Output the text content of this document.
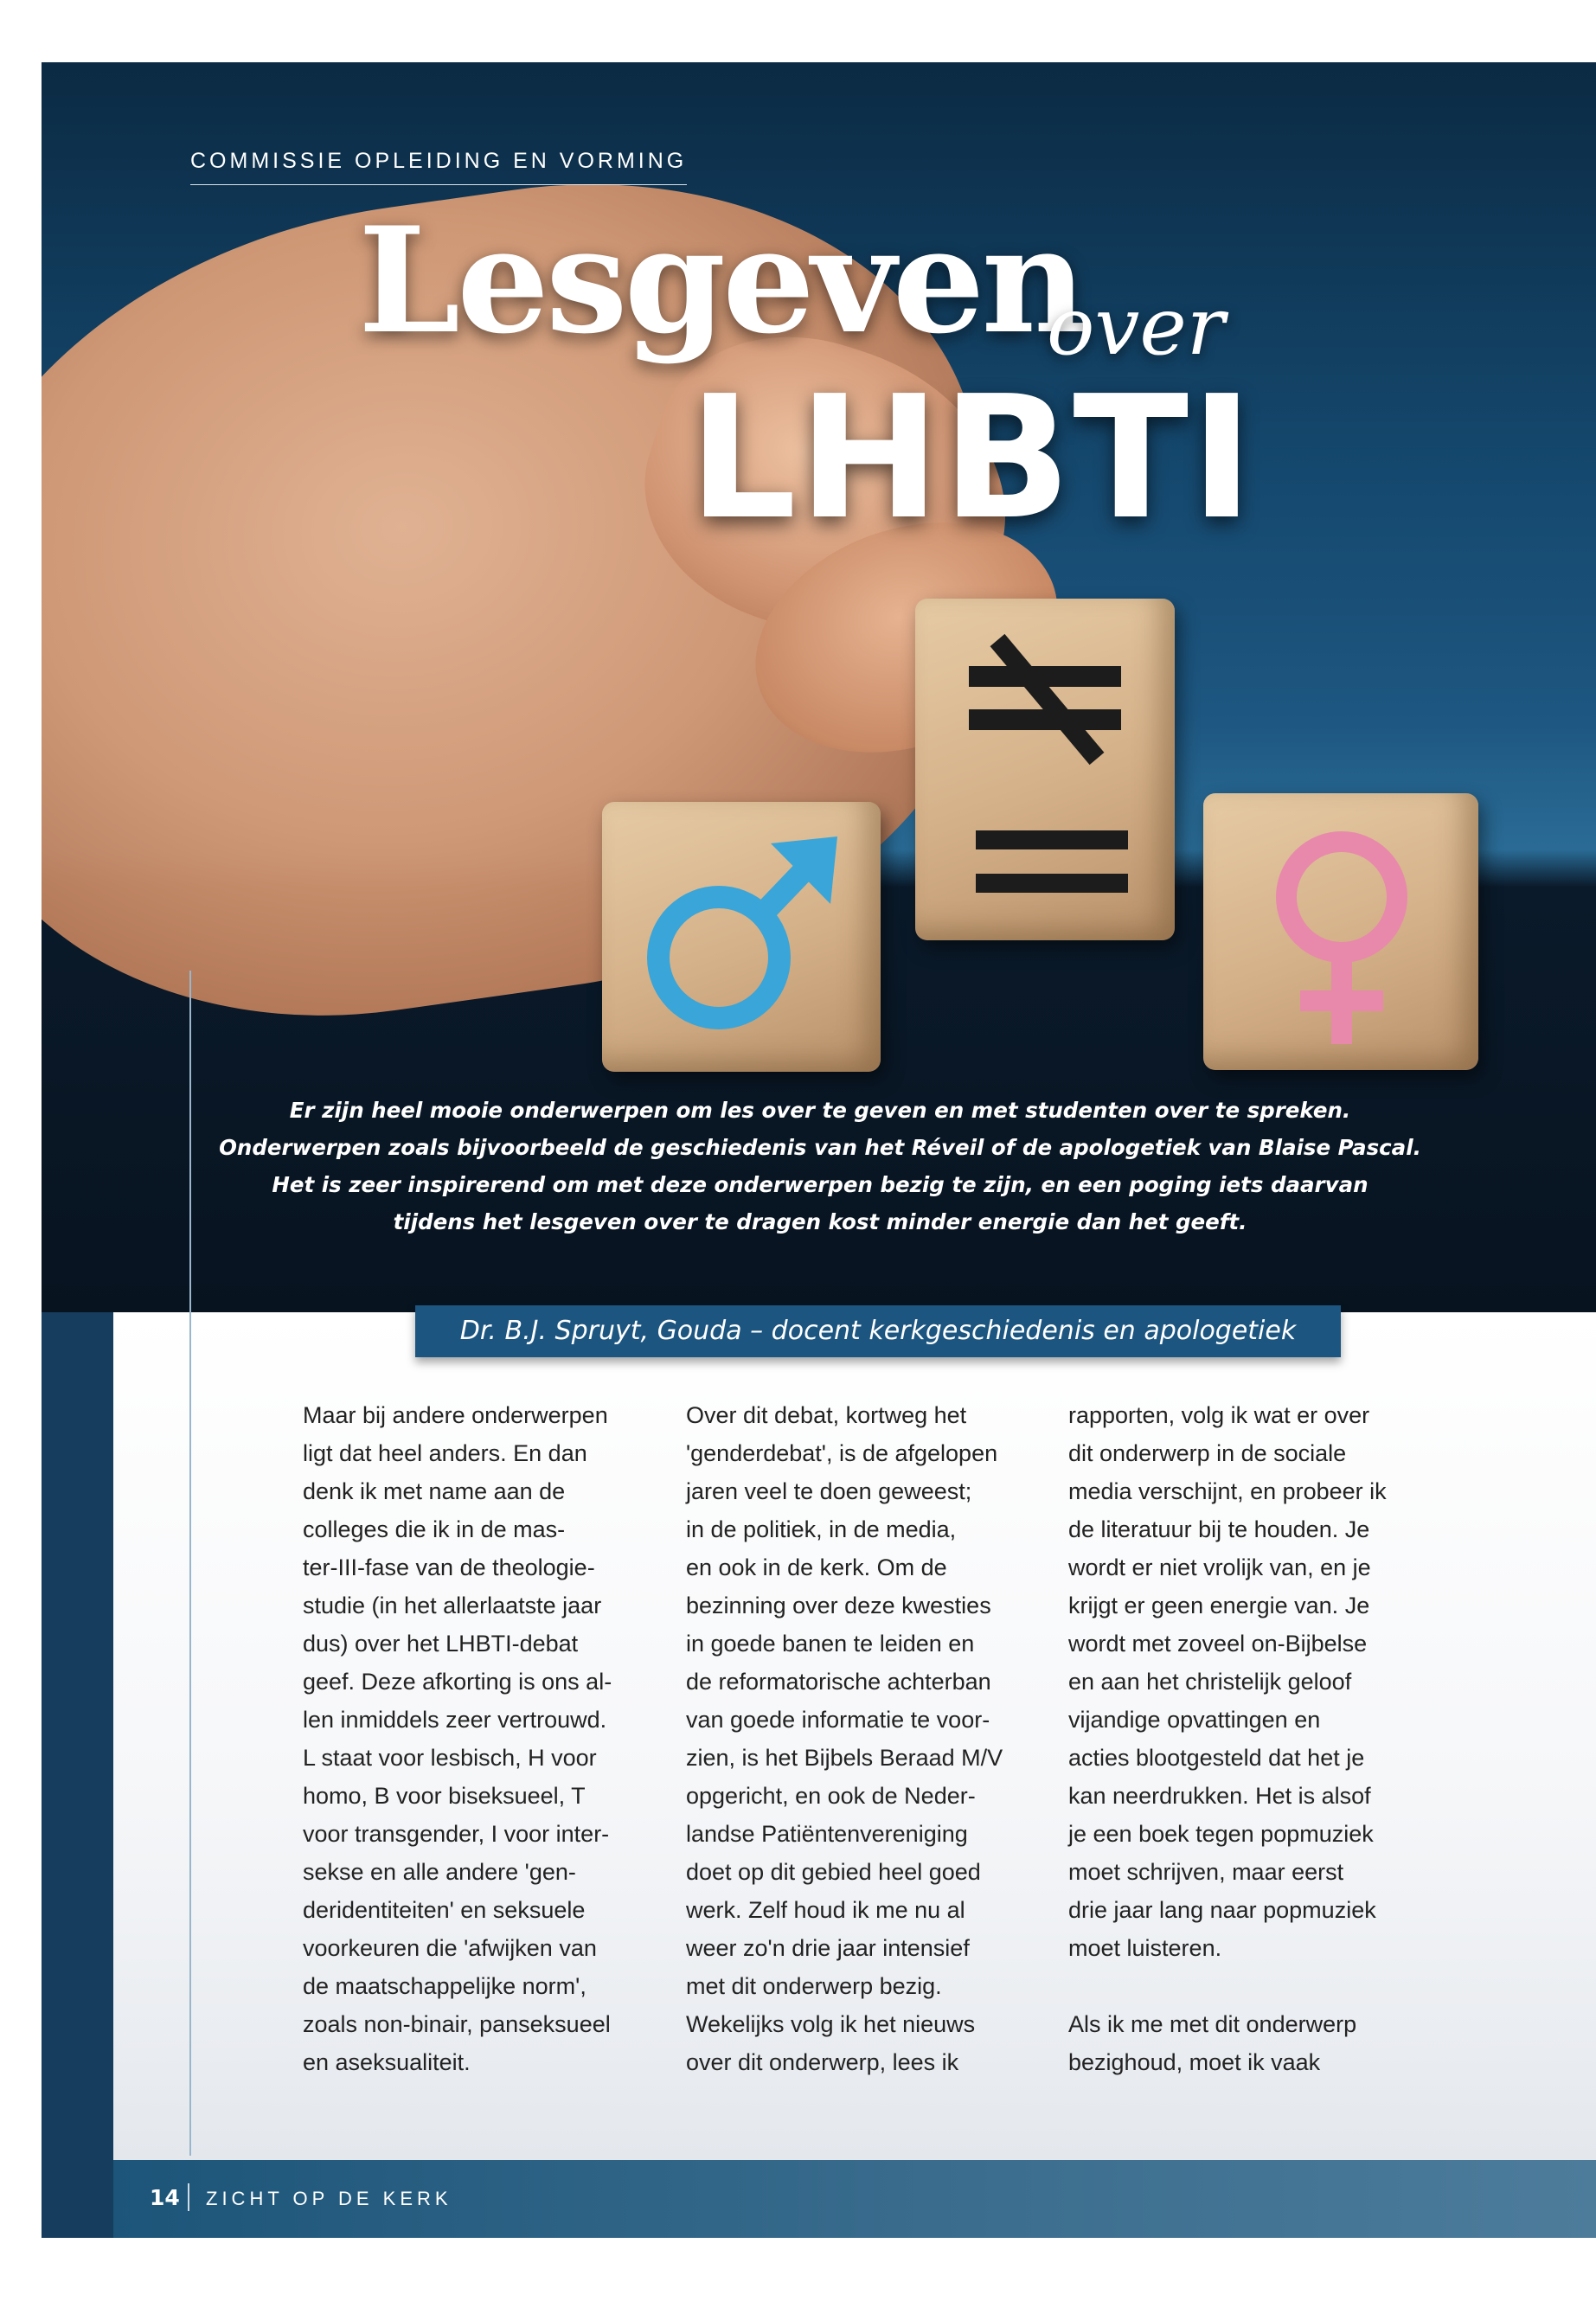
COMMISSIE OPLEIDING EN VORMING
Lesgeven
over
LHBTI

Er zijn heel mooie onderwerpen om les over te geven en met studenten over te spreken.

Onderwerpen zoals bijvoorbeeld de geschiedenis van het Réveil of de apologetiek van Blaise Pascal.

Het is zeer inspirerend om met deze onderwerpen bezig te zijn, en een poging iets daarvan

tijdens het lesgeven over te dragen kost minder energie dan het geeft.

Dr. B.J. Spruyt, Gouda – docent kerkgeschiedenis en apologetiek

Maar bij andere onderwerpen

ligt dat heel anders. En dan

denk ik met name aan de

colleges die ik in de mas-

ter-III-fase van de theologie-

studie (in het allerlaatste jaar

dus) over het LHBTI-debat

geef. Deze afkorting is ons al-

len inmiddels zeer vertrouwd.

L staat voor lesbisch, H voor

homo, B voor biseksueel, T

voor transgender, I voor inter-

sekse en alle andere 'gen-

deridentiteiten' en seksuele

voorkeuren die 'afwijken van

de maatschappelijke norm',

zoals non-binair, panseksueel

en aseksualiteit.

Over dit debat, kortweg het

'genderdebat', is de afgelopen

jaren veel te doen geweest;

in de politiek, in de media,

en ook in de kerk. Om de

bezinning over deze kwesties

in goede banen te leiden en

de reformatorische achterban

van goede informatie te voor-

zien, is het Bijbels Beraad M/V

opgericht, en ook de Neder-

landse Patiëntenvereniging

doet op dit gebied heel goed

werk. Zelf houd ik me nu al

weer zo'n drie jaar intensief

met dit onderwerp bezig.

Wekelijks volg ik het nieuws

over dit onderwerp, lees ik

rapporten, volg ik wat er over

dit onderwerp in de sociale

media verschijnt, en probeer ik

de literatuur bij te houden. Je

wordt er niet vrolijk van, en je

krijgt er geen energie van. Je

wordt met zoveel on-Bijbelse

en aan het christelijk geloof

vijandige opvattingen en

acties blootgesteld dat het je

kan neerdrukken. Het is alsof

je een boek tegen popmuziek

moet schrijven, maar eerst

drie jaar lang naar popmuziek

moet luisteren.

Als ik me met dit onderwerp

bezighoud, moet ik vaak

14 ZICHT OP DE KERK
